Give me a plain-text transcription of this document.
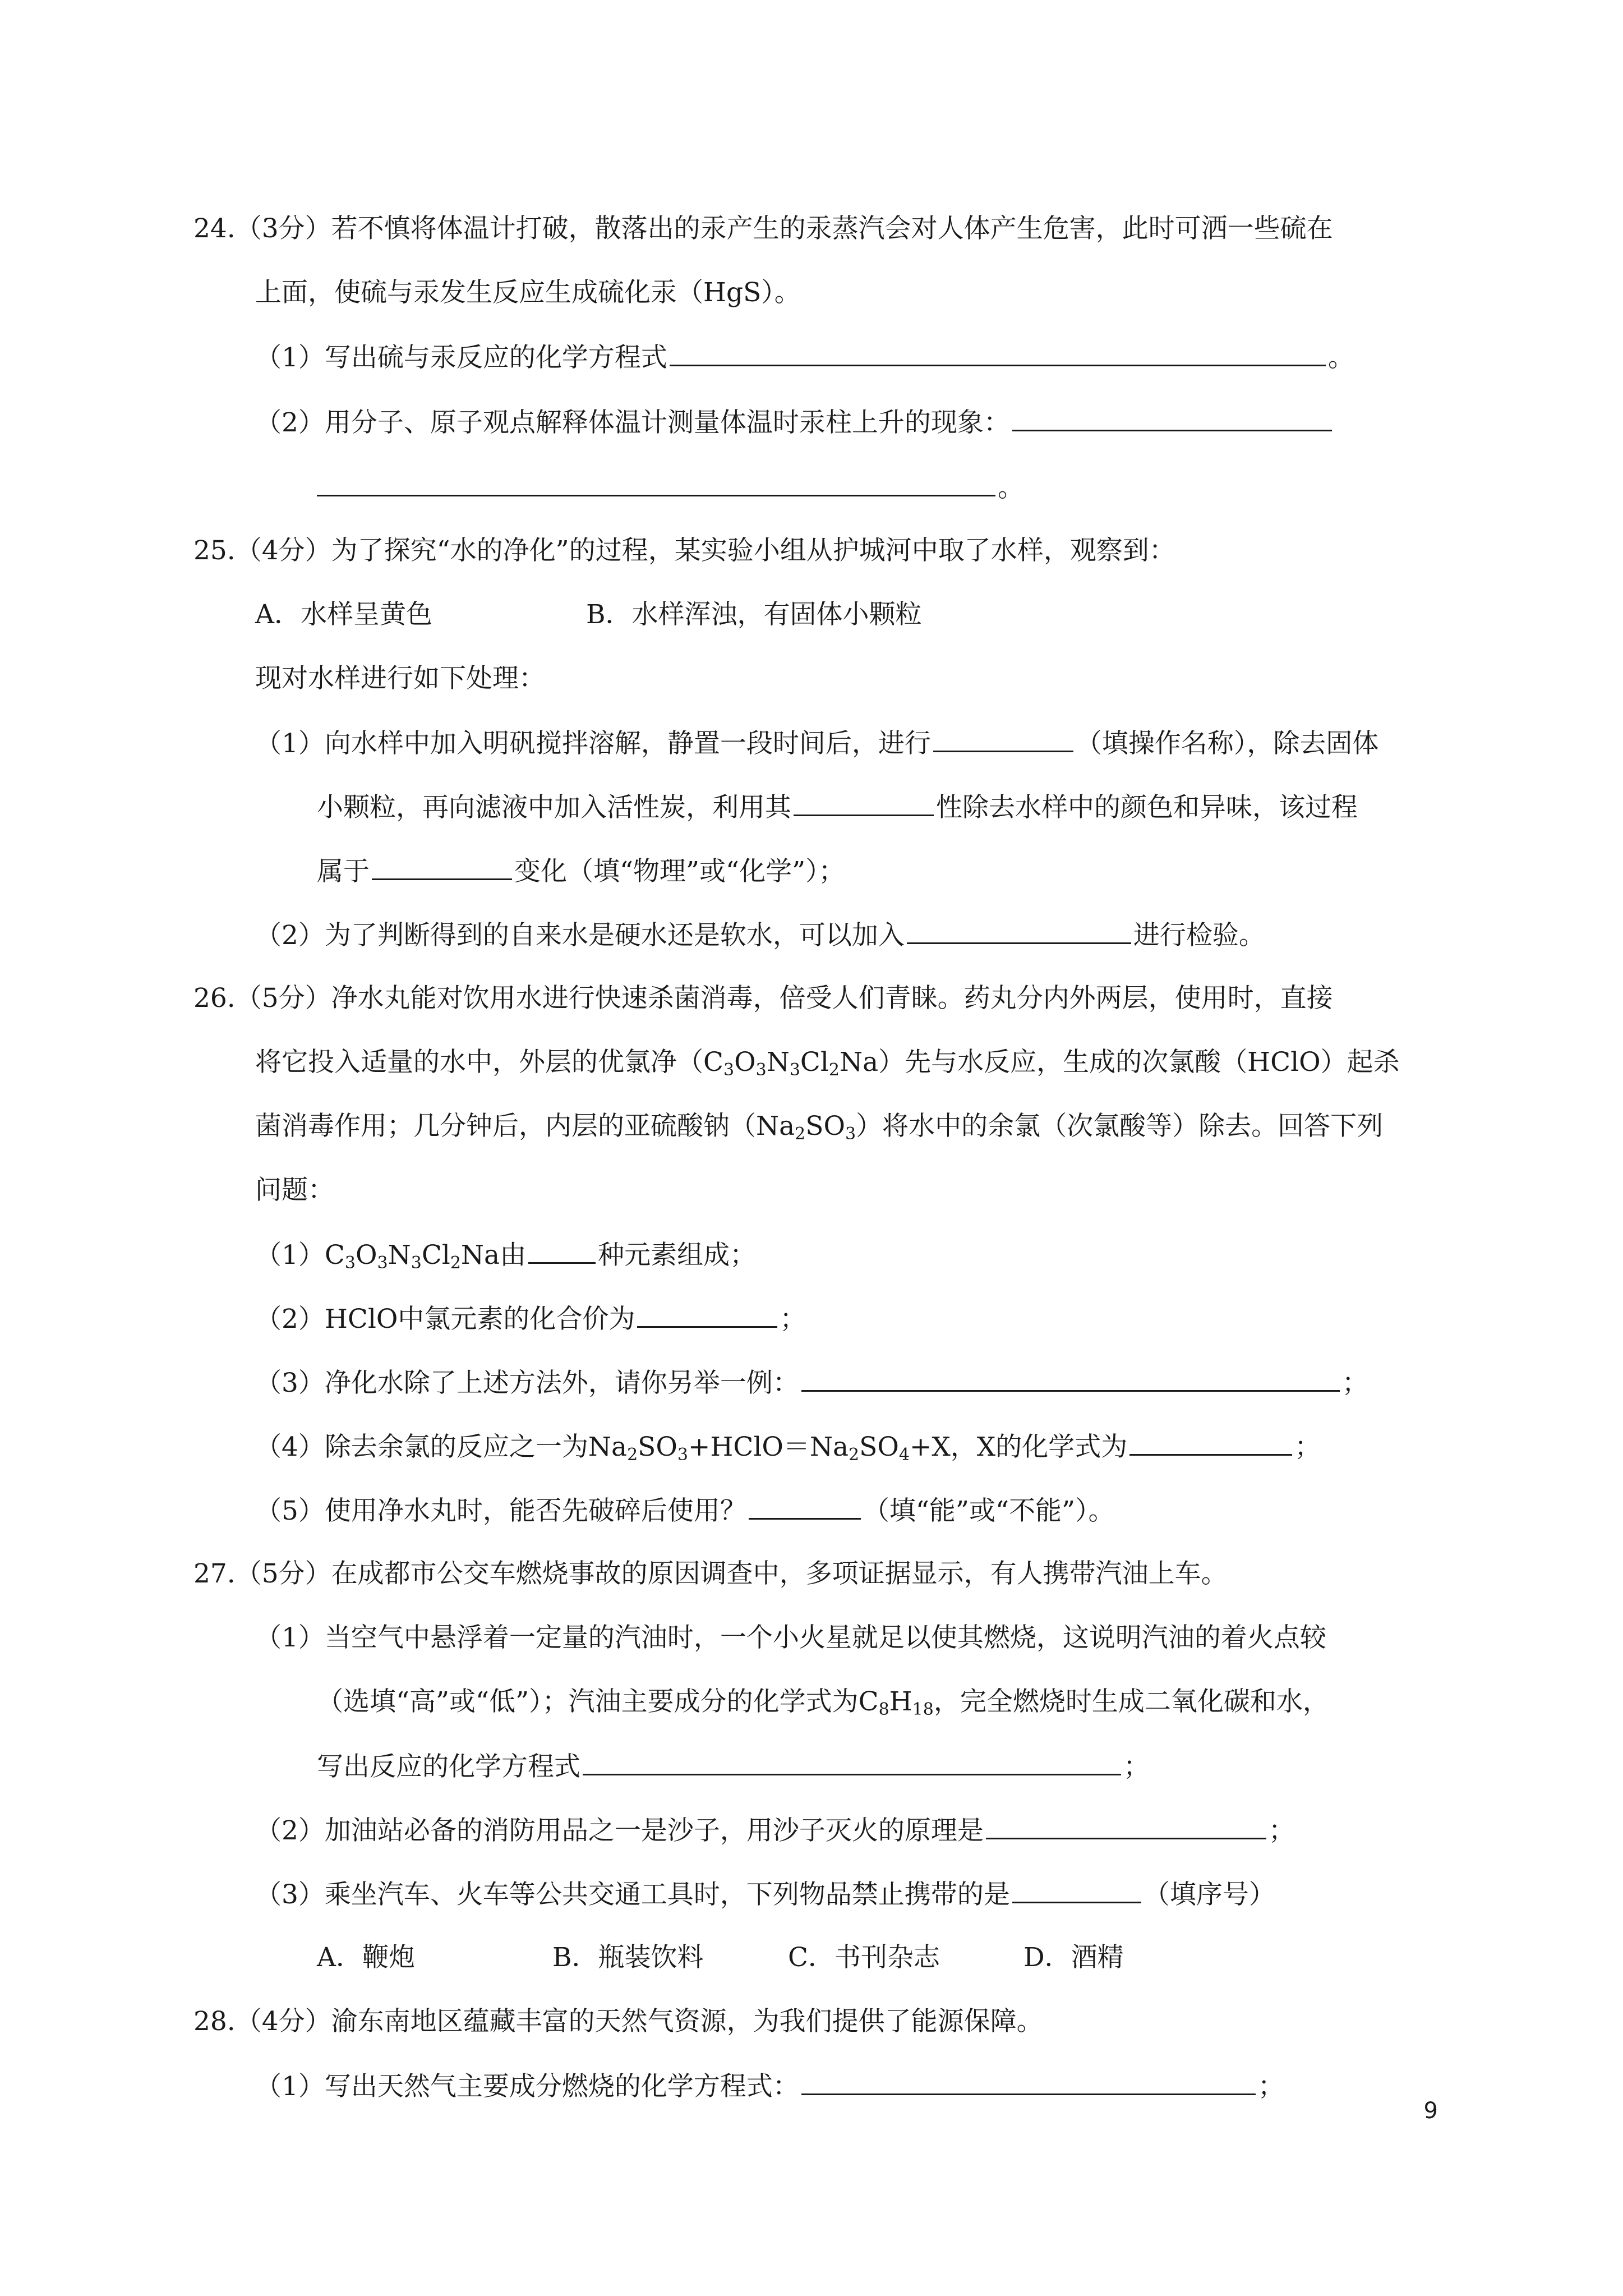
24.（3分）若不慎将体温计打破，散落出的汞产生的汞蒸汽会对人体产生危害，此时可洒一些硫在
上面，使硫与汞发生反应生成硫化汞（HgS）。
（1）写出硫与汞反应的化学方程式	。
（2）用分子、原子观点解释体温计测量体温时汞柱上升的现象：
。
25.（4分）为了探究“水的净化”的过程，某实验小组从护城河中取了水样，观察到：
A．水样呈黄色	B．水样浑浊，有固体小颗粒
现对水样进行如下处理：
（1）向水样中加入明矾搅拌溶解，静置一段时间后，进行	（填操作名称），除去固体
小颗粒，再向滤液中加入活性炭，利用其	性除去水样中的颜色和异味，该过程
属于	变化（填“物理”或“化学”）；
（2）为了判断得到的自来水是硬水还是软水，可以加入	进行检验。
26.（5分）净水丸能对饮用水进行快速杀菌消毒，倍受人们青睐。药丸分内外两层，使用时，直接
将它投入适量的水中，外层的优氯净$(C_3O_3N_3Cl_2Na)$先与水反应，生成的次氯酸（HClO）起杀
菌消毒作用；几分钟后，内层的亚硫酸钠$(Na_2SO_3)$将水中的余氯（次氯酸等）除去。回答下列
问题：
$(1)C_3O_3N_3Cl_2Na$由	种元素组成；
（2）HClO中氯元素的化合价为	；
（3）净化水除了上述方法外，请你另举一例：	；
（4）除去余氯的反应之一为$Na_2SO_3+HClO=Na_2SO_4+X$，X的化学式为	；
（5）使用净水丸时，能否先破碎后使用？	（填“能”或“不能”）。
27.（5分）在成都市公交车燃烧事故的原因调查中，多项证据显示，有人携带汽油上车。
（1）当空气中悬浮着一定量的汽油时，一个小火星就足以使其燃烧，这说明汽油的着火点较
（选填“高”或“低”）；汽油主要成分的化学式为$C_8H_{18}$，完全燃烧时生成二氧化碳和水，
写出反应的化学方程式	；
（2）加油站必备的消防用品之一是沙子，用沙子灭火的原理是	；
（3）乘坐汽车、火车等公共交通工具时，下列物品禁止携带的是	（填序号）
A．鞭炮	B．瓶装饮料	C．书刊杂志	D．酒精
28.（4分）渝东南地区蕴藏丰富的天然气资源，为我们提供了能源保障。
（1）写出天然气主要成分燃烧的化学方程式：	；
9
